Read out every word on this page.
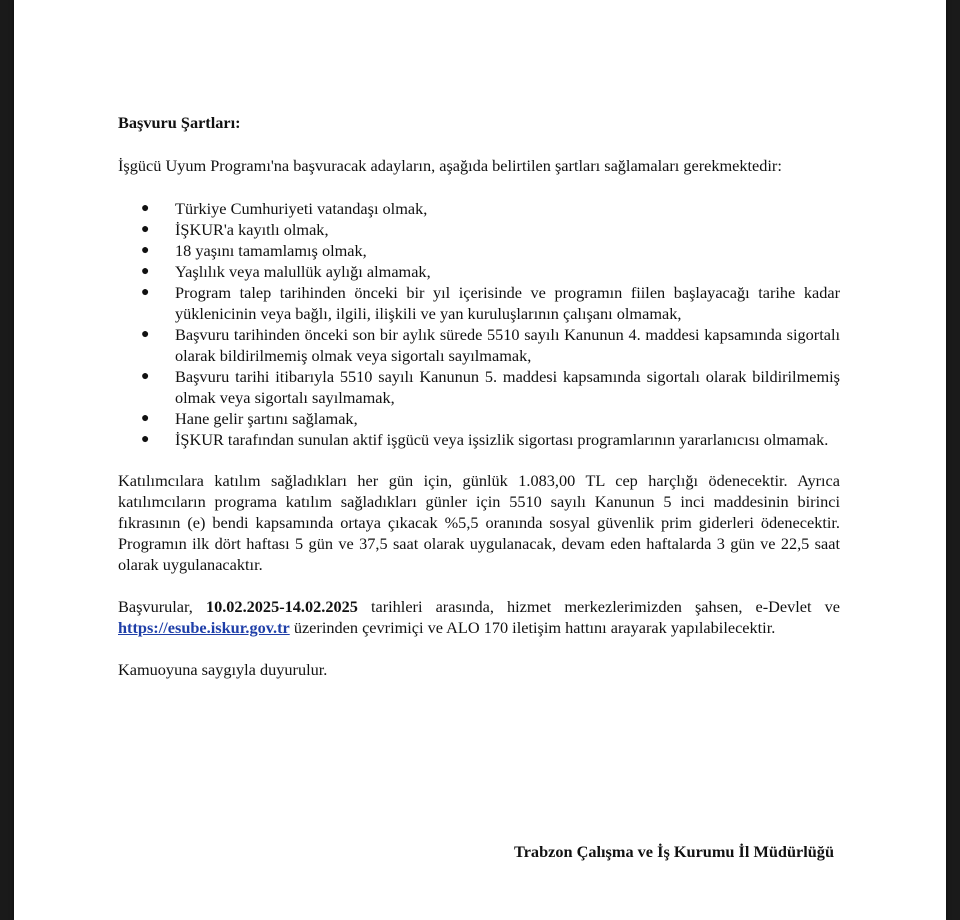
Başvuru Şartları:
İşgücü Uyum Programı'na başvuracak adayların, aşağıda belirtilen şartları sağlamaları gerekmektedir:
● Türkiye Cumhuriyeti vatandaşı olmak,
● İŞKUR'a kayıtlı olmak,
● 18 yaşını tamamlamış olmak,
● Yaşlılık veya malullük aylığı almamak,
● Program talep tarihinden önceki bir yıl içerisinde ve programın fiilen başlayacağı tarihe kadar yüklenicinin veya bağlı, ilgili, ilişkili ve yan kuruluşlarının çalışanı olmamak,
● Başvuru tarihinden önceki son bir aylık sürede 5510 sayılı Kanunun 4. maddesi kapsamında sigortalı olarak bildirilmemiş olmak veya sigortalı sayılmamak,
● Başvuru tarihi itibarıyla 5510 sayılı Kanunun 5. maddesi kapsamında sigortalı olarak bildirilmemiş olmak veya sigortalı sayılmamak,
● Hane gelir şartını sağlamak,
● İŞKUR tarafından sunulan aktif işgücü veya işsizlik sigortası programlarının yararlanıcısı olmamak.

Katılımcılara katılım sağladıkları her gün için, günlük 1.083,00 TL cep harçlığı ödenecektir. Ayrıca katılımcıların programa katılım sağladıkları günler için 5510 sayılı Kanunun 5 inci maddesinin birinci fıkrasının (e) bendi kapsamında ortaya çıkacak %5,5 oranında sosyal güvenlik prim giderleri ödenecektir. Programın ilk dört haftası 5 gün ve 37,5 saat olarak uygulanacak, devam eden haftalarda 3 gün ve 22,5 saat olarak uygulanacaktır.

Başvurular, 10.02.2025-14.02.2025 tarihleri arasında, hizmet merkezlerimizden şahsen, e-Devlet ve https://esube.iskur.gov.tr üzerinden çevrimiçi ve ALO 170 iletişim hattını arayarak yapılabilecektir.

Kamuoyuna saygıyla duyurulur.

Trabzon Çalışma ve İş Kurumu İl Müdürlüğü
